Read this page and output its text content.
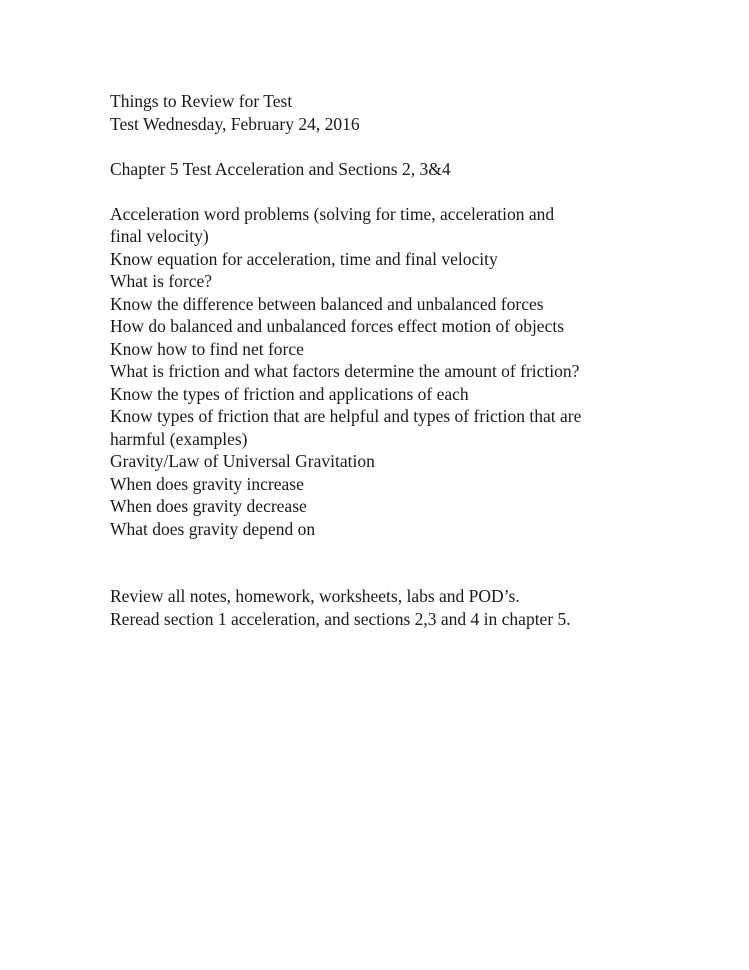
Things to Review for Test
Test Wednesday, February 24, 2016
Chapter 5 Test Acceleration and Sections 2, 3&4
Acceleration word problems (solving for time, acceleration and
final velocity)
Know equation for acceleration, time and final velocity
What is force?
Know the difference between balanced and unbalanced forces
How do balanced and unbalanced forces effect motion of objects
Know how to find net force
What is friction and what factors determine the amount of friction?
Know the types of friction and applications of each
Know types of friction that are helpful and types of friction that are
harmful (examples)
Gravity/Law of Universal Gravitation
When does gravity increase
When does gravity decrease
What does gravity depend on
Review all notes, homework, worksheets, labs and POD’s.
Reread section 1 acceleration, and sections 2,3 and 4 in chapter 5.
